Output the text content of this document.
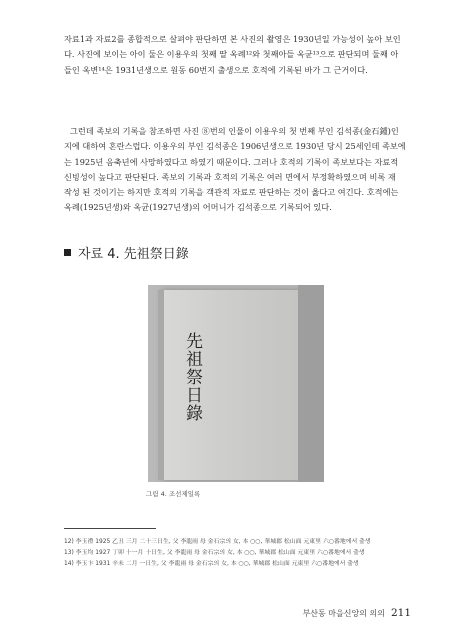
자료1과 자료2를 종합적으로 살펴야 판단하면 본 사진의 촬영은 1930년일 가능성이 높아 보인
다. 사진에 보이는 아이 둘은 이용우의 첫째 딸 옥례¹²와 첫째아들 옥균¹³으로 판단되며 둘째 아
들인 옥변¹⁴은 1931년생으로 원동 60번지 출생으로 호적에 기록된 바가 그 근거이다.
그런데 족보의 기록을 참조하면 사진 ⑧번의 인물이 이용우의 첫 번째 부인 김석종(金石鍾)인
지에 대하여 혼란스럽다. 이용우의 부인 김석종은 1906년생으로 1930년 당시 25세인데 족보에
는 1925년 음축년에 사망하였다고 하였기 때문이다. 그러나 호적의 기록이 족보보다는 자료적
신빙성이 높다고 판단된다. 족보의 기록과 호적의 기록은 여러 면에서 부정확하였으며 비록 재
작성 된 것이기는 하지만 호적의 기록을 객관적 자료로 판단하는 것이 옳다고 여긴다. 호적에는
옥례(1925년생)와 옥균(1927년생)의 어머니가 김석종으로 기록되어 있다.
자료 4. 先祖祭日錄
先祖祭日錄
그림 4. 조선제일록
12) 李玉禮 1925 乙丑 三月 二十三日生, 父 李龍雨 母 金石宗의 女, 本 ○○, 華城郡 松山面 元東里 六○番地에서 출생
13) 李玉均 1927 丁卯 十一月 十日生, 父 李龍雨 母 金石宗의 女, 本 ○○, 華城郡 松山面 元東里 六○番地에서 출생
14) 李玉卞 1931 辛未 二月 一日生, 父 李龍雨 母 金石宗의 女, 本 ○○, 華城郡 松山面 元東里 六○番地에서 출생
부산동 마을신앙의 의의 211
